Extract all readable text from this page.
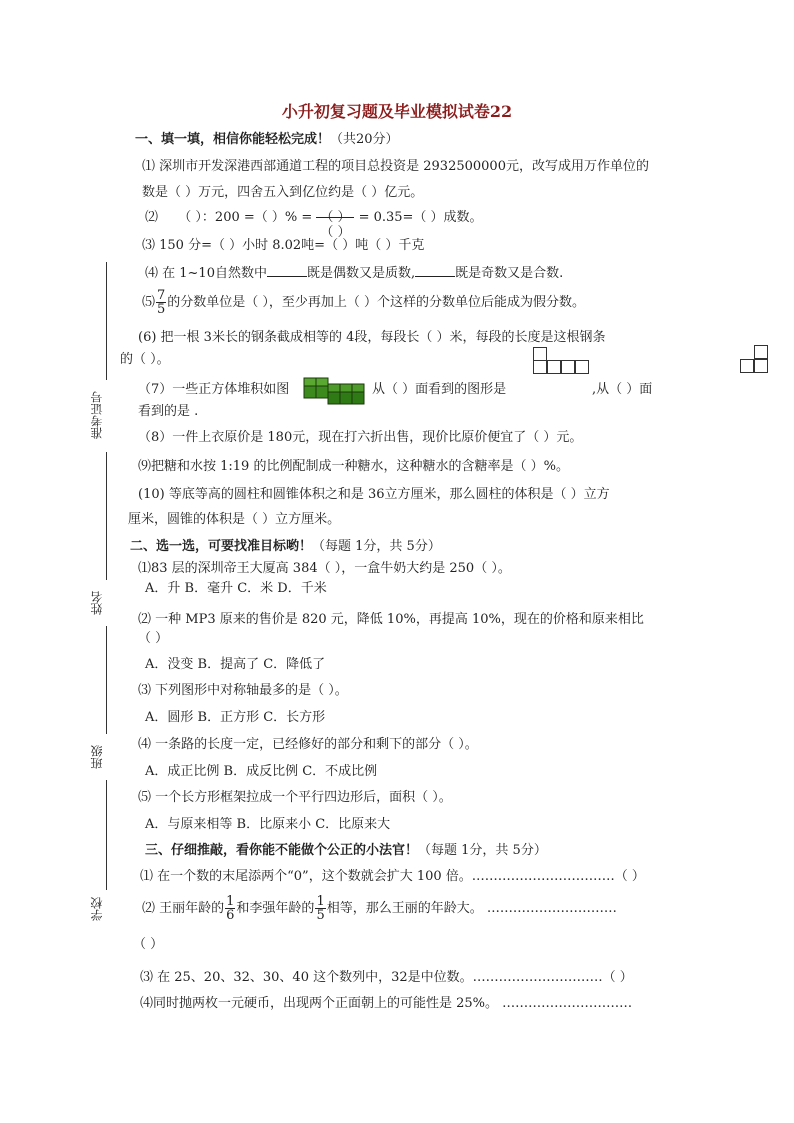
小升初复习题及毕业模拟试卷22
准考证号
姓名
班级
学校
一、填一填，相信你能轻松完成！（共20分）
⑴ 深圳市开发深港西部通道工程的项目总投资是 2932500000元，改写成用万作单位的
数是（ ）万元，四舍五入到亿位约是（ ）亿元。
⑵ （ ）：200 =（ ）% = （ ）
（ ）
= 0.35=（ ）成数。
⑶ 150 分=（ ）小时 8.02吨=（ ）吨（ ）千克
⑷ 在 1~10自然数中	既是偶数又是质数,	既是奇数又是合数.
⑸ $\frac{7}{5}$ 的分数单位是（ ），至少再加上（ ）个这样的分数单位后能成为假分数。
(6) 把一根 3米长的钢条截成相等的 4段，每段长（ ）米，每段的长度是这根钢条
的（ ）。
（7）一些正方体堆积如图	从（ ）面看到的图形是	,从（ ）面
看到的是 .
（8）一件上衣原价是 180元，现在打六折出售，现价比原价便宜了（ ）元。
⑼把糖和水按 1:19 的比例配制成一种糖水，这种糖水的含糖率是（ ）%。
(10) 等底等高的圆柱和圆锥体积之和是 36立方厘米，那么圆柱的体积是（ ）立方
厘米，圆锥的体积是（ ）立方厘米。
二、选一选，可要找准目标哟！（每题 1分，共 5分）
⑴83 层的深圳帝王大厦高 384（ ），一盒牛奶大约是 250（ ）。
A．升 B．毫升 C．米 D．千米
⑵ 一种 MP3 原来的售价是 820 元，降低 10%，再提高 10%，现在的价格和原来相比
（ ）
A．没变 B．提高了 C．降低了
⑶ 下列图形中对称轴最多的是（ ）。
A．圆形 B．正方形 C．长方形
⑷ 一条路的长度一定，已经修好的部分和剩下的部分（ ）。
A．成正比例 B．成反比例 C．不成比例
⑸ 一个长方形框架拉成一个平行四边形后，面积（ ）。
A．与原来相等 B．比原来小 C．比原来大
三、仔细推敲，看你能不能做个公正的小法官！（每题 1分，共 5分）
⑴ 在一个数的末尾添两个“0”，这个数就会扩大 100 倍。……………………………（ ）
⑵ 王丽年龄的 $\frac{1}{6}$ 和李强年龄的 $\frac{1}{5}$ 相等，那么王丽的年龄大。 …………………………
（ ）
⑶ 在 25、20、32、30、40 这个数列中，32是中位数。…………………………（ ）
⑷同时抛两枚一元硬币，出现两个正面朝上的可能性是 25%。 …………………………
